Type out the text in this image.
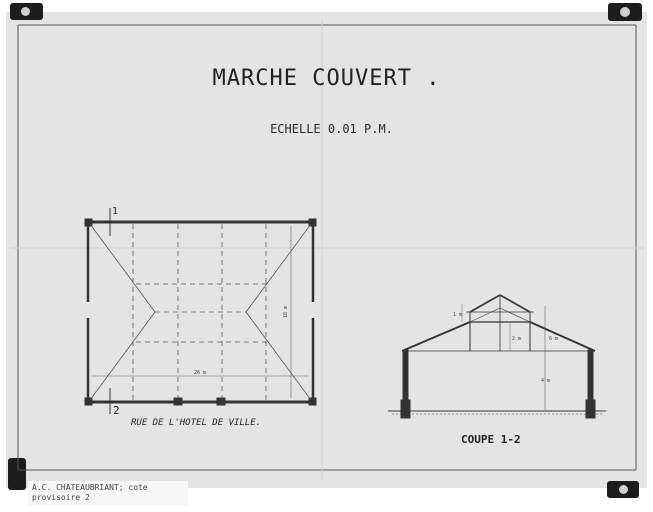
26 m
18 m
6 m
4 m
2 m
1 m
MARCHE COUVERT .
ECHELLE 0.01 P.M.
1
2
RUE DE L'HOTEL DE VILLE.
COUPE 1-2
A.C. CHATEAUBRIANT; cote
provisoire 2
